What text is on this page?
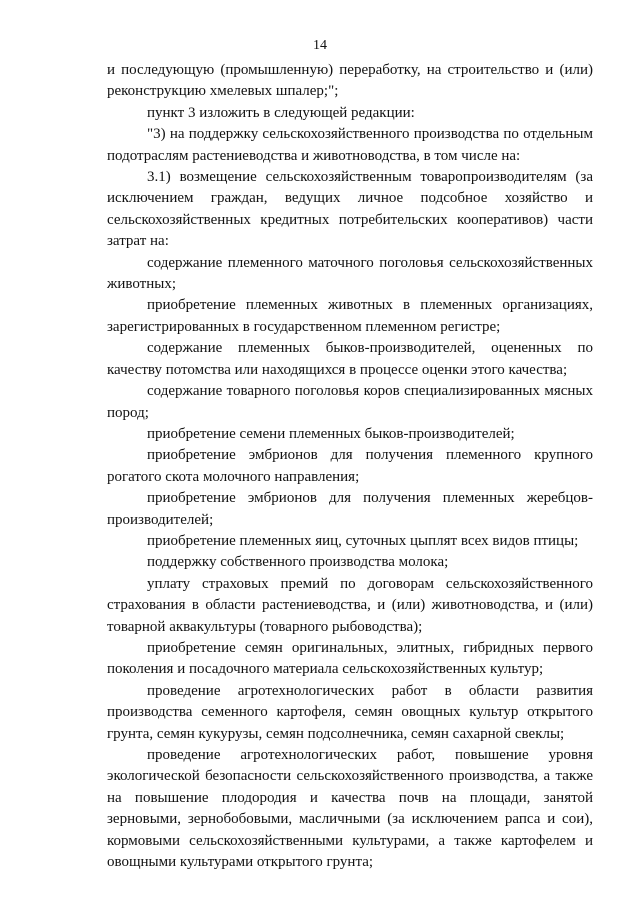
14

и последующую (промышленную) переработку, на строительство и (или) реконструкцию хмелевых шпалер;";

пункт 3 изложить в следующей редакции:

"3) на поддержку сельскохозяйственного производства по отдельным подотраслям растениеводства и животноводства, в том числе на:

3.1) возмещение сельскохозяйственным товаропроизводителям (за исключением граждан, ведущих личное подсобное хозяйство и сельскохозяйственных кредитных потребительских кооперативов) части затрат на:

содержание племенного маточного поголовья сельскохозяйственных животных;

приобретение племенных животных в племенных организациях, зарегистрированных в государственном племенном регистре;

содержание племенных быков-производителей, оцененных по качеству потомства или находящихся в процессе оценки этого качества;

содержание товарного поголовья коров специализированных мясных пород;

приобретение семени племенных быков-производителей;

приобретение эмбрионов для получения племенного крупного рогатого скота молочного направления;

приобретение эмбрионов для получения племенных жеребцов-производителей;

приобретение племенных яиц, суточных цыплят всех видов птицы;

поддержку собственного производства молока;

уплату страховых премий по договорам сельскохозяйственного страхования в области растениеводства, и (или) животноводства, и (или) товарной аквакультуры (товарного рыбоводства);

приобретение семян оригинальных, элитных, гибридных первого поколения и посадочного материала сельскохозяйственных культур;

проведение агротехнологических работ в области развития производства семенного картофеля, семян овощных культур открытого грунта, семян кукурузы, семян подсолнечника, семян сахарной свеклы;

проведение агротехнологических работ, повышение уровня экологической безопасности сельскохозяйственного производства, а также на повышение плодородия и качества почв на площади, занятой зерновыми, зернобобовыми, масличными (за исключением рапса и сои), кормовыми сельскохозяйственными культурами, а также картофелем и овощными культурами открытого грунта;
